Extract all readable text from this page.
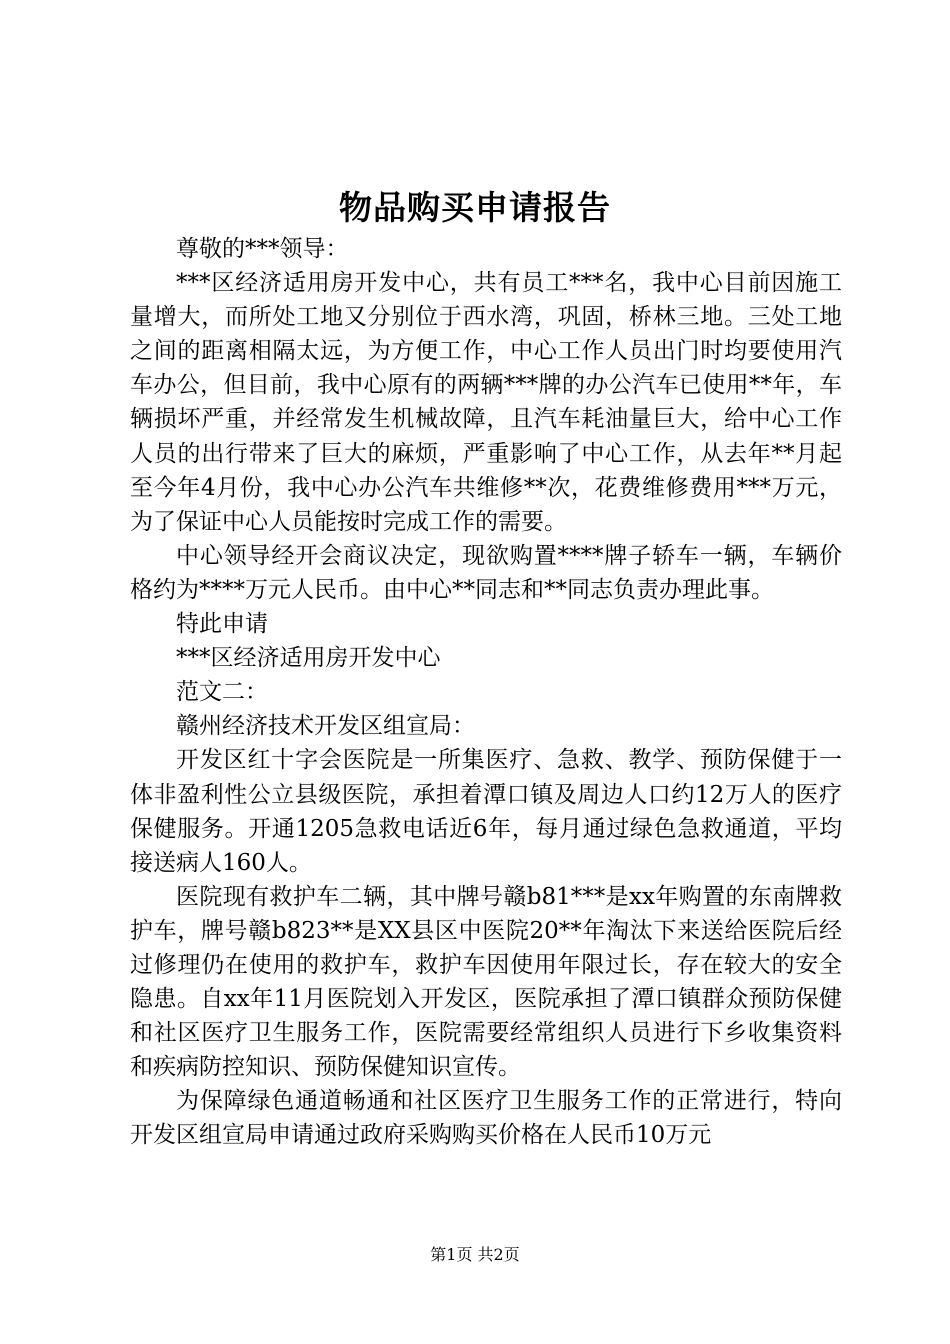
物品购买申请报告

尊敬的***领导：

***区经济适用房开发中心，共有员工***名，我中心目前因施工量增大，而所处工地又分别位于西水湾，巩固，桥林三地。三处工地之间的距离相隔太远，为方便工作，中心工作人员出门时均要使用汽车办公，但目前，我中心原有的两辆***牌的办公汽车已使用**年，车辆损坏严重，并经常发生机械故障，且汽车耗油量巨大，给中心工作人员的出行带来了巨大的麻烦，严重影响了中心工作，从去年**月起至今年4月份，我中心办公汽车共维修**次，花费维修费用***万元，为了保证中心人员能按时完成工作的需要。

中心领导经开会商议决定，现欲购置****牌子轿车一辆，车辆价格约为****万元人民币。由中心**同志和**同志负责办理此事。

特此申请

***区经济适用房开发中心

范文二：

赣州经济技术开发区组宣局：

开发区红十字会医院是一所集医疗、急救、教学、预防保健于一体非盈利性公立县级医院，承担着潭口镇及周边人口约12万人的医疗保健服务。开通1205急救电话近6年，每月通过绿色急救通道，平均接送病人160人。

医院现有救护车二辆，其中牌号赣b81***是xx年购置的东南牌救护车，牌号赣b823**是XX县区中医院20**年淘汰下来送给医院后经过修理仍在使用的救护车，救护车因使用年限过长，存在较大的安全隐患。自xx年11月医院划入开发区，医院承担了潭口镇群众预防保健和社区医疗卫生服务工作，医院需要经常组织人员进行下乡收集资料和疾病防控知识、预防保健知识宣传。

为保障绿色通道畅通和社区医疗卫生服务工作的正常进行，特向开发区组宣局申请通过政府采购购买价格在人民币10万元

第1页 共2页
